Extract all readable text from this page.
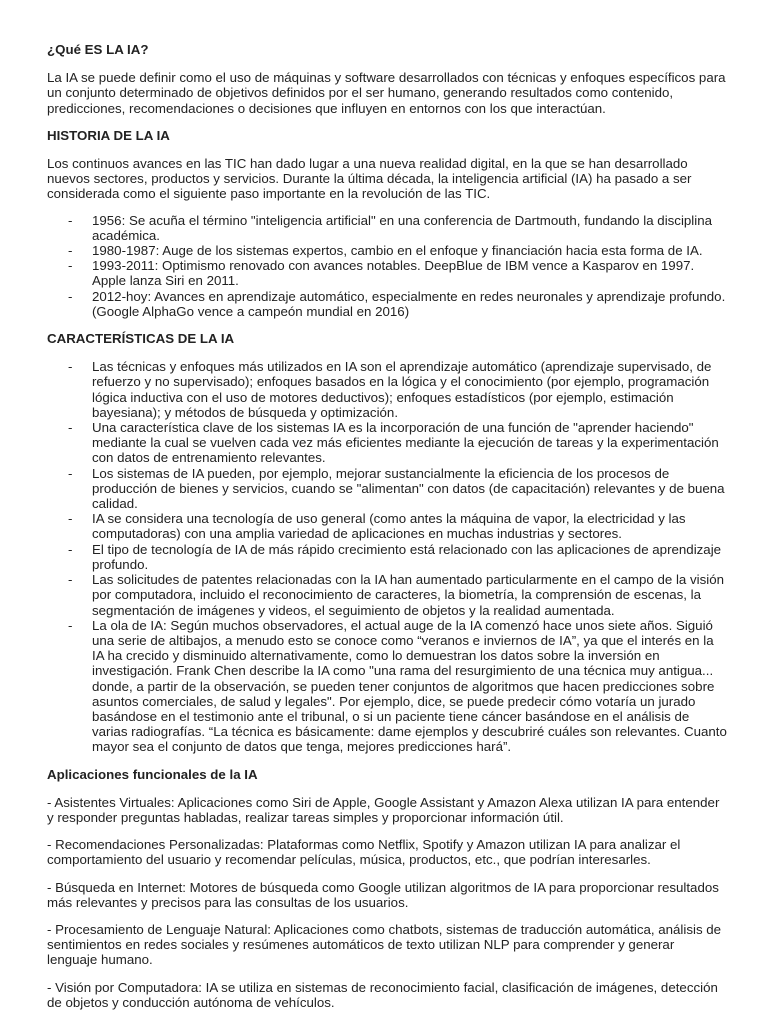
¿Qué ES LA IA?

La IA se puede definir como el uso de máquinas y software desarrollados con técnicas y enfoques específicos para un conjunto determinado de objetivos definidos por el ser humano, generando resultados como contenido, predicciones, recomendaciones o decisiones que influyen en entornos con los que interactúan.

HISTORIA DE LA IA

Los continuos avances en las TIC han dado lugar a una nueva realidad digital, en la que se han desarrollado nuevos sectores, productos y servicios. Durante la última década, la inteligencia artificial (IA) ha pasado a ser considerada como el siguiente paso importante en la revolución de las TIC.

- 1956: Se acuña el término "inteligencia artificial" en una conferencia de Dartmouth, fundando la disciplina académica.
- 1980-1987: Auge de los sistemas expertos, cambio en el enfoque y financiación hacia esta forma de IA.
- 1993-2011: Optimismo renovado con avances notables. DeepBlue de IBM vence a Kasparov en 1997. Apple lanza Siri en 2011.
- 2012-hoy: Avances en aprendizaje automático, especialmente en redes neuronales y aprendizaje profundo. (Google AlphaGo vence a campeón mundial en 2016)
CARACTERÍSTICAS DE LA IA
- Las técnicas y enfoques más utilizados en IA son el aprendizaje automático (aprendizaje supervisado, de refuerzo y no supervisado); enfoques basados en la lógica y el conocimiento (por ejemplo, programación lógica inductiva con el uso de motores deductivos); enfoques estadísticos (por ejemplo, estimación bayesiana); y métodos de búsqueda y optimización.
- Una característica clave de los sistemas IA es la incorporación de una función de "aprender haciendo" mediante la cual se vuelven cada vez más eficientes mediante la ejecución de tareas y la experimentación con datos de entrenamiento relevantes.
- Los sistemas de IA pueden, por ejemplo, mejorar sustancialmente la eficiencia de los procesos de producción de bienes y servicios, cuando se "alimentan" con datos (de capacitación) relevantes y de buena calidad.
- IA se considera una tecnología de uso general (como antes la máquina de vapor, la electricidad y las computadoras) con una amplia variedad de aplicaciones en muchas industrias y sectores.
- El tipo de tecnología de IA de más rápido crecimiento está relacionado con las aplicaciones de aprendizaje profundo.
- Las solicitudes de patentes relacionadas con la IA han aumentado particularmente en el campo de la visión por computadora, incluido el reconocimiento de caracteres, la biometría, la comprensión de escenas, la segmentación de imágenes y videos, el seguimiento de objetos y la realidad aumentada.
- La ola de IA: Según muchos observadores, el actual auge de la IA comenzó hace unos siete años. Siguió una serie de altibajos, a menudo esto se conoce como “veranos e inviernos de IA”, ya que el interés en la IA ha crecido y disminuido alternativamente, como lo demuestran los datos sobre la inversión en investigación. Frank Chen describe la IA como "una rama del resurgimiento de una técnica muy antigua... donde, a partir de la observación, se pueden tener conjuntos de algoritmos que hacen predicciones sobre asuntos comerciales, de salud y legales". Por ejemplo, dice, se puede predecir cómo votaría un jurado basándose en el testimonio ante el tribunal, o si un paciente tiene cáncer basándose en el análisis de varias radiografías. “La técnica es básicamente: dame ejemplos y descubriré cuáles son relevantes. Cuanto mayor sea el conjunto de datos que tenga, mejores predicciones hará”.
Aplicaciones funcionales de la IA

- Asistentes Virtuales: Aplicaciones como Siri de Apple, Google Assistant y Amazon Alexa utilizan IA para entender y responder preguntas habladas, realizar tareas simples y proporcionar información útil.

- Recomendaciones Personalizadas: Plataformas como Netflix, Spotify y Amazon utilizan IA para analizar el comportamiento del usuario y recomendar películas, música, productos, etc., que podrían interesarles.

- Búsqueda en Internet: Motores de búsqueda como Google utilizan algoritmos de IA para proporcionar resultados más relevantes y precisos para las consultas de los usuarios.

- Procesamiento de Lenguaje Natural: Aplicaciones como chatbots, sistemas de traducción automática, análisis de sentimientos en redes sociales y resúmenes automáticos de texto utilizan NLP para comprender y generar lenguaje humano.

- Visión por Computadora: IA se utiliza en sistemas de reconocimiento facial, clasificación de imágenes, detección de objetos y conducción autónoma de vehículos.
